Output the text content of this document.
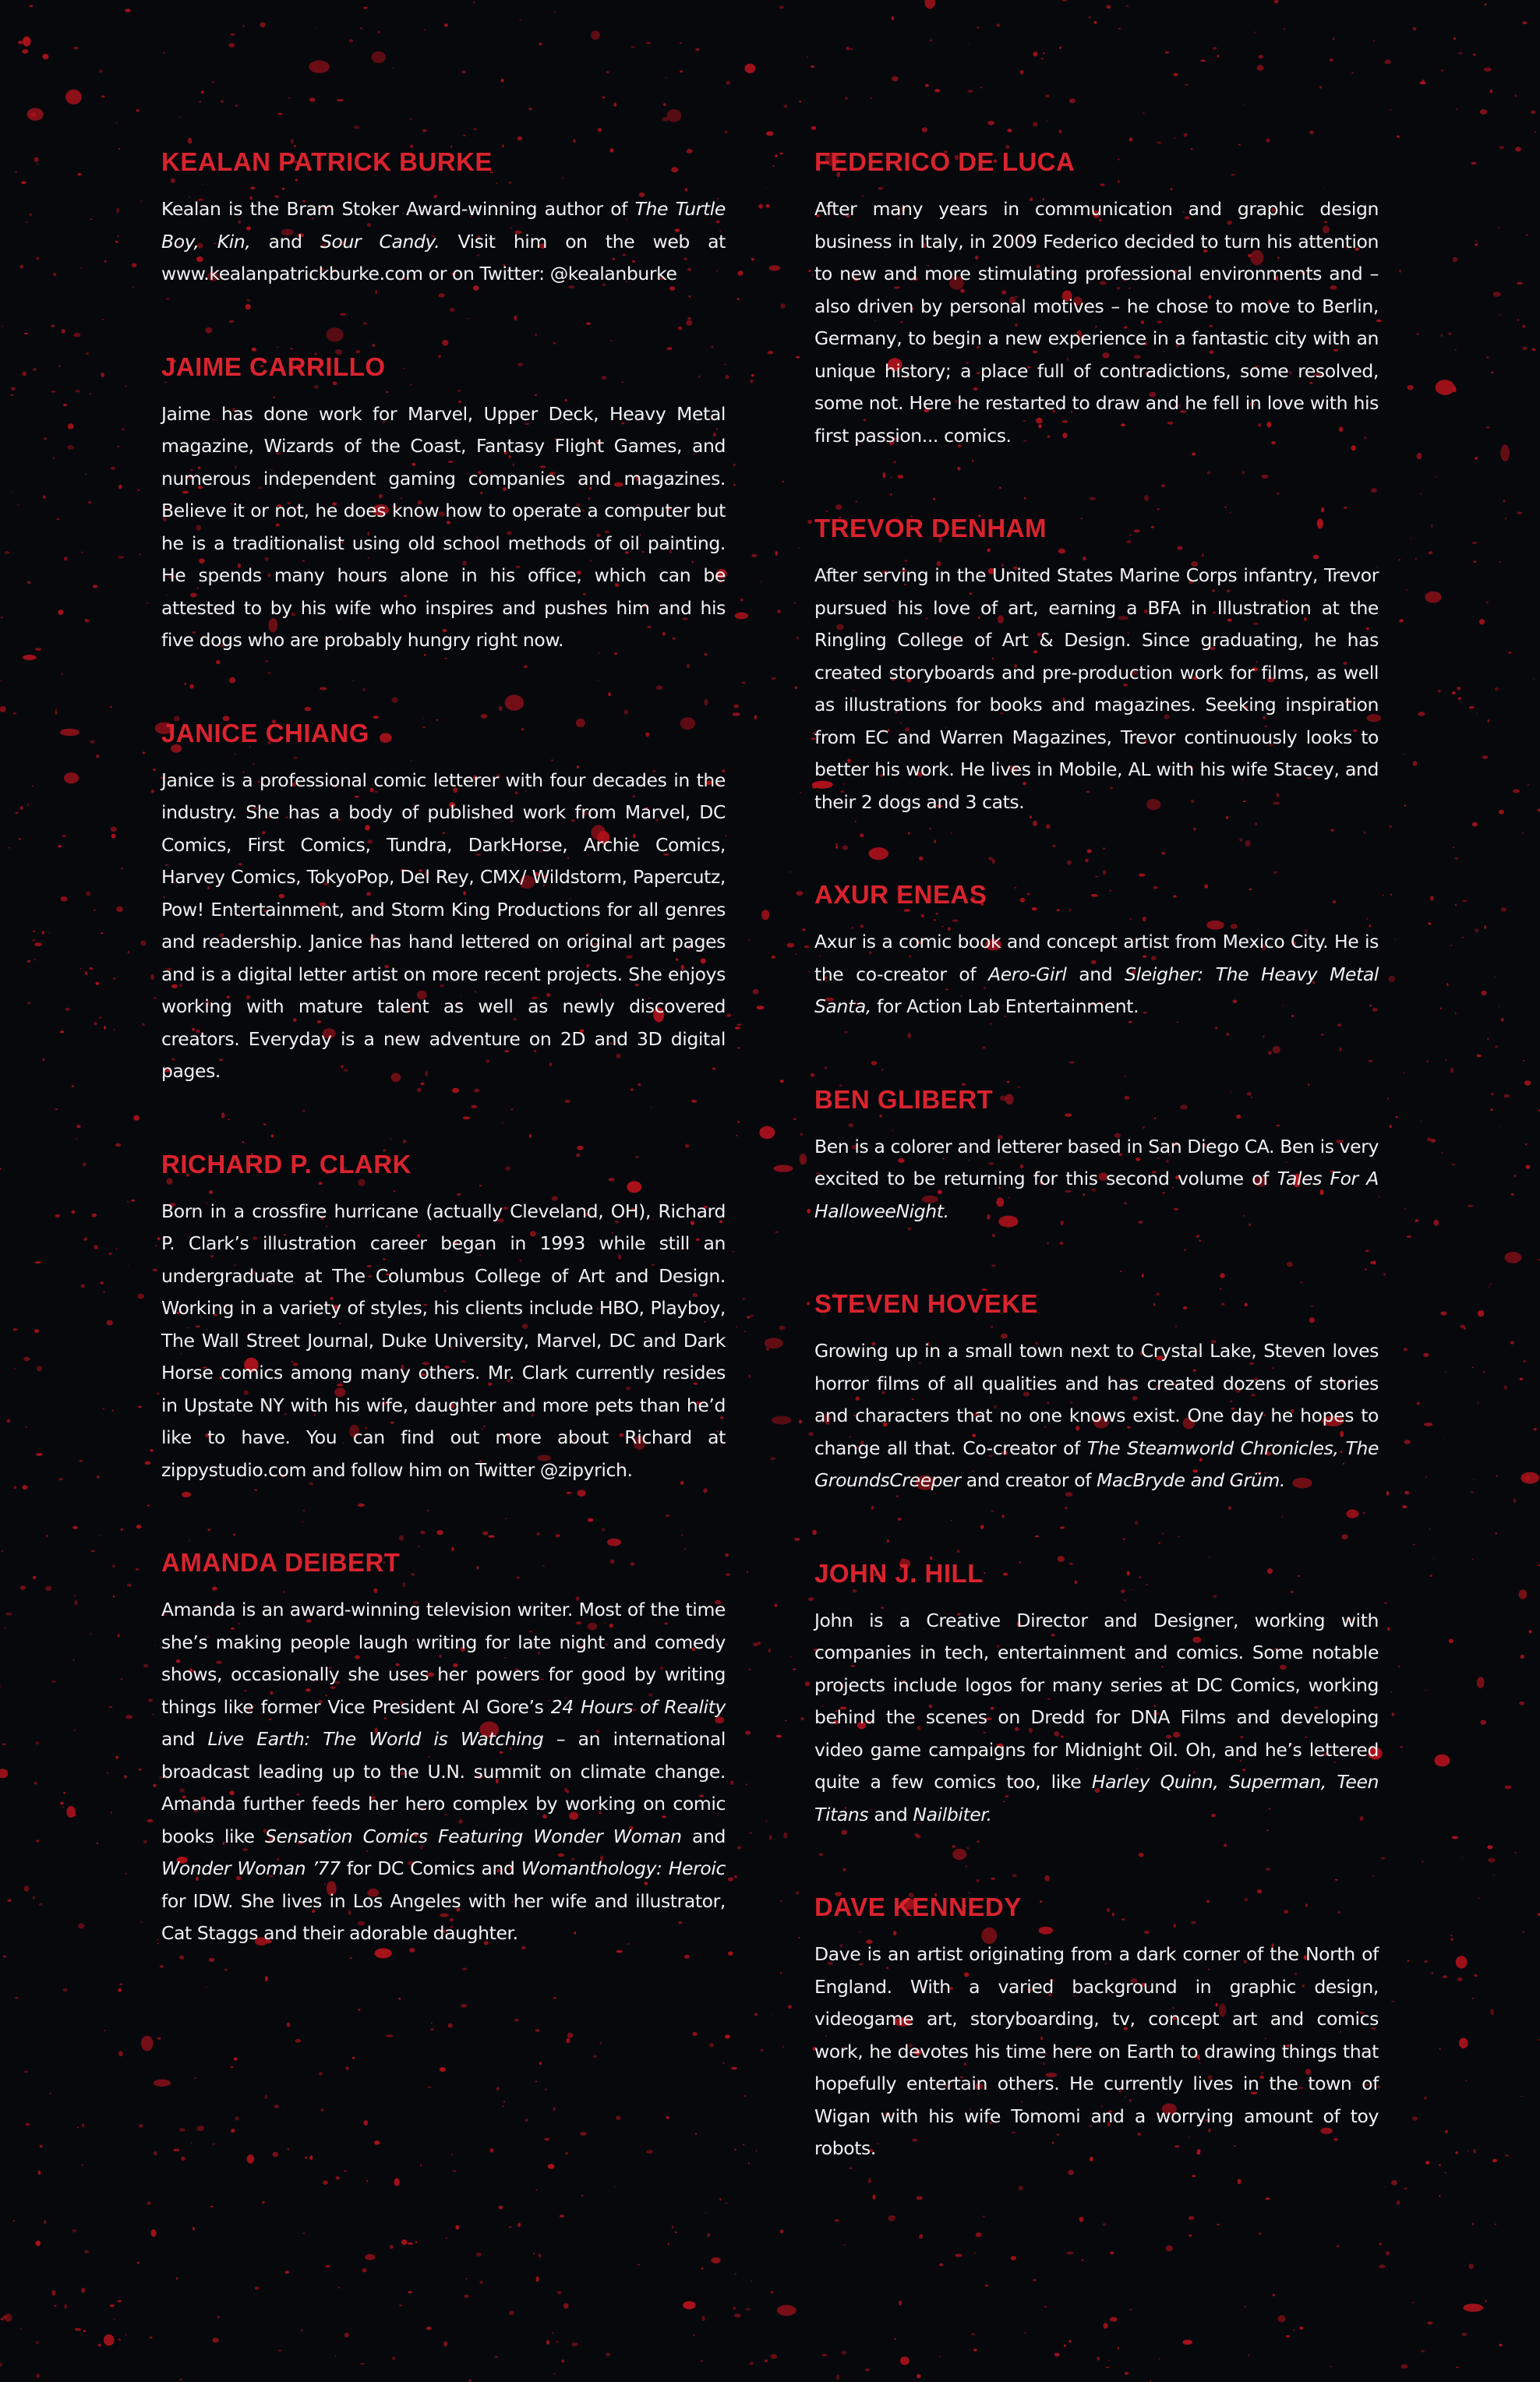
KEALAN PATRICK BURKE

Kealan is the Bram Stoker Award-winning author of The Turtle Boy, Kin, and Sour Candy. Visit him on the web at www.kealanpatrickburke.com or on Twitter: @kealanburke

JAIME CARRILLO

Jaime has done work for Marvel, Upper Deck, Heavy Metal magazine, Wizards of the Coast, Fantasy Flight Games, and numerous independent gaming companies and magazines. Believe it or not, he does know how to operate a computer but he is a traditionalist using old school methods of oil painting. He spends many hours alone in his office, which can be attested to by his wife who inspires and pushes him and his five dogs who are probably hungry right now.

JANICE CHIANG

Janice is a professional comic letterer with four decades in the industry. She has a body of published work from Marvel, DC Comics, First Comics, Tundra, DarkHorse, Archie Comics, Harvey Comics, TokyoPop, Del Rey, CMX/ Wildstorm, Papercutz, Pow! Entertainment, and Storm King Productions for all genres and readership. Janice has hand lettered on original art pages and is a digital letter artist on more recent projects. She enjoys working with mature talent as well as newly discovered creators. Everyday is a new adventure on 2D and 3D digital pages.

RICHARD P. CLARK

Born in a crossfire hurricane (actually Cleveland, OH), Richard P. Clark’s illustration career began in 1993 while still an undergraduate at The Columbus College of Art and Design. Working in a variety of styles, his clients include HBO, Playboy, The Wall Street Journal, Duke University, Marvel, DC and Dark Horse comics among many others. Mr. Clark currently resides in Upstate NY with his wife, daughter and more pets than he’d like to have. You can find out more about Richard at zippystudio.com and follow him on Twitter @zipyrich.

AMANDA DEIBERT

Amanda is an award-winning television writer. Most of the time she’s making people laugh writing for late night and comedy shows, occasionally she uses her powers for good by writing things like former Vice President Al Gore’s 24 Hours of Reality and Live Earth: The World is Watching – an international broadcast leading up to the U.N. summit on climate change. Amanda further feeds her hero complex by working on comic books like Sensation Comics Featuring Wonder Woman and Wonder Woman ’77 for DC Comics and Womanthology: Heroic for IDW. She lives in Los Angeles with her wife and illustrator, Cat Staggs and their adorable daughter.

FEDERICO DE LUCA

After many years in communication and graphic design business in Italy, in 2009 Federico decided to turn his attention to new and more stimulating professional environments and – also driven by personal motives – he chose to move to Berlin, Germany, to begin a new experience in a fantastic city with an unique history; a place full of contradictions, some resolved, some not. Here he restarted to draw and he fell in love with his first passion... comics.

TREVOR DENHAM

After serving in the United States Marine Corps infantry, Trevor pursued his love of art, earning a BFA in Illustration at the Ringling College of Art & Design. Since graduating, he has created storyboards and pre-production work for films, as well as illustrations for books and magazines. Seeking inspiration from EC and Warren Magazines, Trevor continuously looks to better his work. He lives in Mobile, AL with his wife Stacey, and their 2 dogs and 3 cats.

AXUR ENEAS

Axur is a comic book and concept artist from Mexico City. He is the co-creator of Aero-Girl and Sleigher: The Heavy Metal Santa, for Action Lab Entertainment.

BEN GLIBERT

Ben is a colorer and letterer based in San Diego CA. Ben is very excited to be returning for this second volume of Tales For A HalloweeNight.

STEVEN HOVEKE

Growing up in a small town next to Crystal Lake, Steven loves horror films of all qualities and has created dozens of stories and characters that no one knows exist. One day he hopes to change all that. Co-creator of The Steamworld Chronicles, The GroundsCreeper and creator of MacBryde and Grüm.

JOHN J. HILL

John is a Creative Director and Designer, working with companies in tech, entertainment and comics. Some notable projects include logos for many series at DC Comics, working behind the scenes on Dredd for DNA Films and developing video game campaigns for Midnight Oil. Oh, and he’s lettered quite a few comics too, like Harley Quinn, Superman, Teen Titans and Nailbiter.

DAVE KENNEDY

Dave is an artist originating from a dark corner of the North of England. With a varied background in graphic design, videogame art, storyboarding, tv, concept art and comics work, he devotes his time here on Earth to drawing things that hopefully entertain others. He currently lives in the town of Wigan with his wife Tomomi and a worrying amount of toy robots.
